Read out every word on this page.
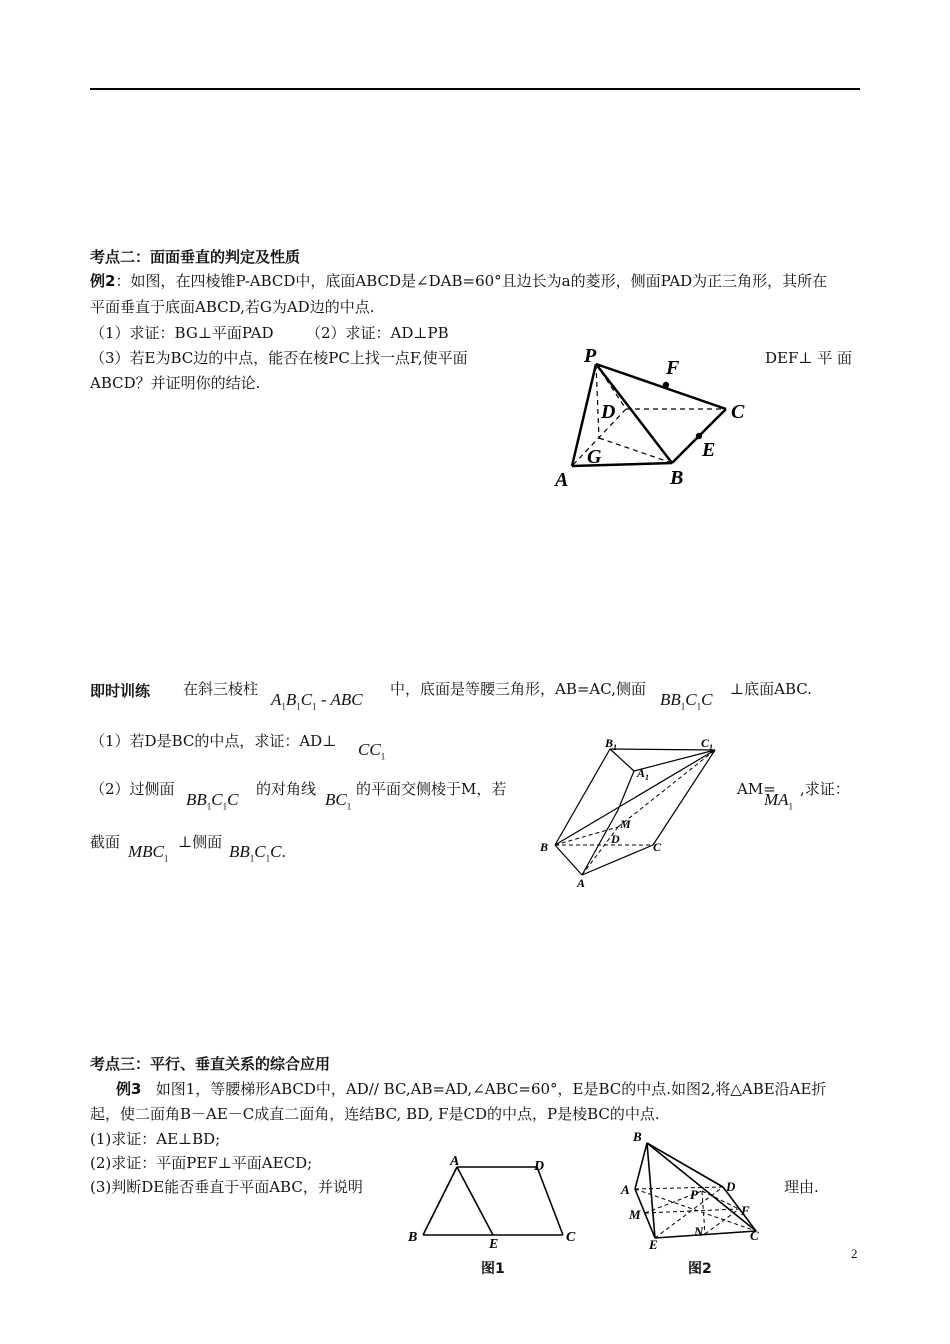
考点二：面面垂直的判定及性质
例2：如图，在四棱锥P-ABCD中，底面ABCD是∠DAB=60°且边长为a的菱形，侧面PAD为正三角形，其所在
平面垂直于底面ABCD,若G为AD边的中点.
（1）求证：BG⊥平面PAD （2）求证：AD⊥PB
（3）若E为BC边的中点，能否在棱PC上找一点F,使平面	DEF⊥ 平 面
ABCD？并证明你的结论.
P
F
D	C
E
G
A	B
即时训练 在斜三棱柱
$A_1B_1C_1$ - ABC
中，底面是等腰三角形，AB=AC,侧面
$BB_1C_1C$
⊥底面ABC.
（1）若D是BC的中点，求证：AD⊥ $CC_1$
（2）过侧面
$BB_1C_1C$
的对角线
$BC_1$
的平面交侧棱于M，若	AM=
$MA_1$
,求证：
截面 $MBC_1$
⊥侧面 $BB_1C_1C$.
$B_1$	$C_1$
$A_1$
M
D
B	C
A
考点三：平行、垂直关系的综合应用
例3 如图1，等腰梯形ABCD中，AD// BC,AB=AD,∠ABC=60°，E是BC的中点.如图2,将△ABE沿AE折
起，使二面角B－AE－C成直二面角，连结BC, BD, F是CD的中点，P是棱BC的中点.
(1)求证：AE⊥BD;
(2)求证：平面PEF⊥平面AECD;
(3)判断DE能否垂直于平面ABC，并说明	理由.
A	D
B	E	C
图1
B
A	P
D
F
M
E
N	C
图2
2
